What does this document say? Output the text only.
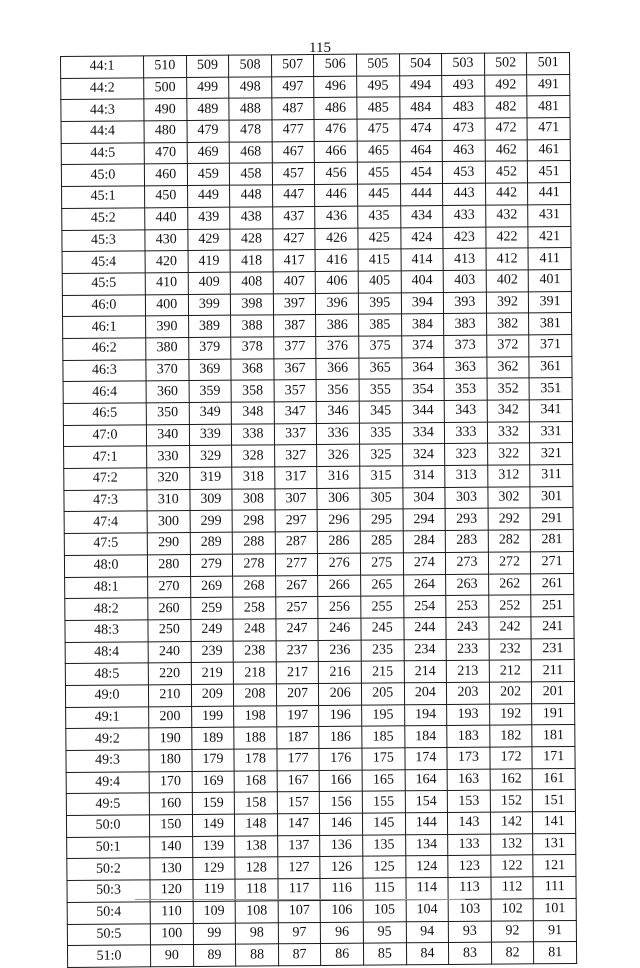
115
44:1	510	509	508	507	506	505	504	503	502	501
44:2	500	499	498	497	496	495	494	493	492	491
44:3	490	489	488	487	486	485	484	483	482	481
44:4	480	479	478	477	476	475	474	473	472	471
44:5	470	469	468	467	466	465	464	463	462	461
45:0	460	459	458	457	456	455	454	453	452	451
45:1	450	449	448	447	446	445	444	443	442	441
45:2	440	439	438	437	436	435	434	433	432	431
45:3	430	429	428	427	426	425	424	423	422	421
45:4	420	419	418	417	416	415	414	413	412	411
45:5	410	409	408	407	406	405	404	403	402	401
46:0	400	399	398	397	396	395	394	393	392	391
46:1	390	389	388	387	386	385	384	383	382	381
46:2	380	379	378	377	376	375	374	373	372	371
46:3	370	369	368	367	366	365	364	363	362	361
46:4	360	359	358	357	356	355	354	353	352	351
46:5	350	349	348	347	346	345	344	343	342	341
47:0	340	339	338	337	336	335	334	333	332	331
47:1	330	329	328	327	326	325	324	323	322	321
47:2	320	319	318	317	316	315	314	313	312	311
47:3	310	309	308	307	306	305	304	303	302	301
47:4	300	299	298	297	296	295	294	293	292	291
47:5	290	289	288	287	286	285	284	283	282	281
48:0	280	279	278	277	276	275	274	273	272	271
48:1	270	269	268	267	266	265	264	263	262	261
48:2	260	259	258	257	256	255	254	253	252	251
48:3	250	249	248	247	246	245	244	243	242	241
48:4	240	239	238	237	236	235	234	233	232	231
48:5	220	219	218	217	216	215	214	213	212	211
49:0	210	209	208	207	206	205	204	203	202	201
49:1	200	199	198	197	196	195	194	193	192	191
49:2	190	189	188	187	186	185	184	183	182	181
49:3	180	179	178	177	176	175	174	173	172	171
49:4	170	169	168	167	166	165	164	163	162	161
49:5	160	159	158	157	156	155	154	153	152	151
50:0	150	149	148	147	146	145	144	143	142	141
50:1	140	139	138	137	136	135	134	133	132	131
50:2	130	129	128	127	126	125	124	123	122	121
50:3	120	119	118	117	116	115	114	113	112	111
50:4	110	109	108	107	106	105	104	103	102	101
50:5	100	99	98	97	96	95	94	93	92	91
51:0	90	89	88	87	86	85	84	83	82	81
